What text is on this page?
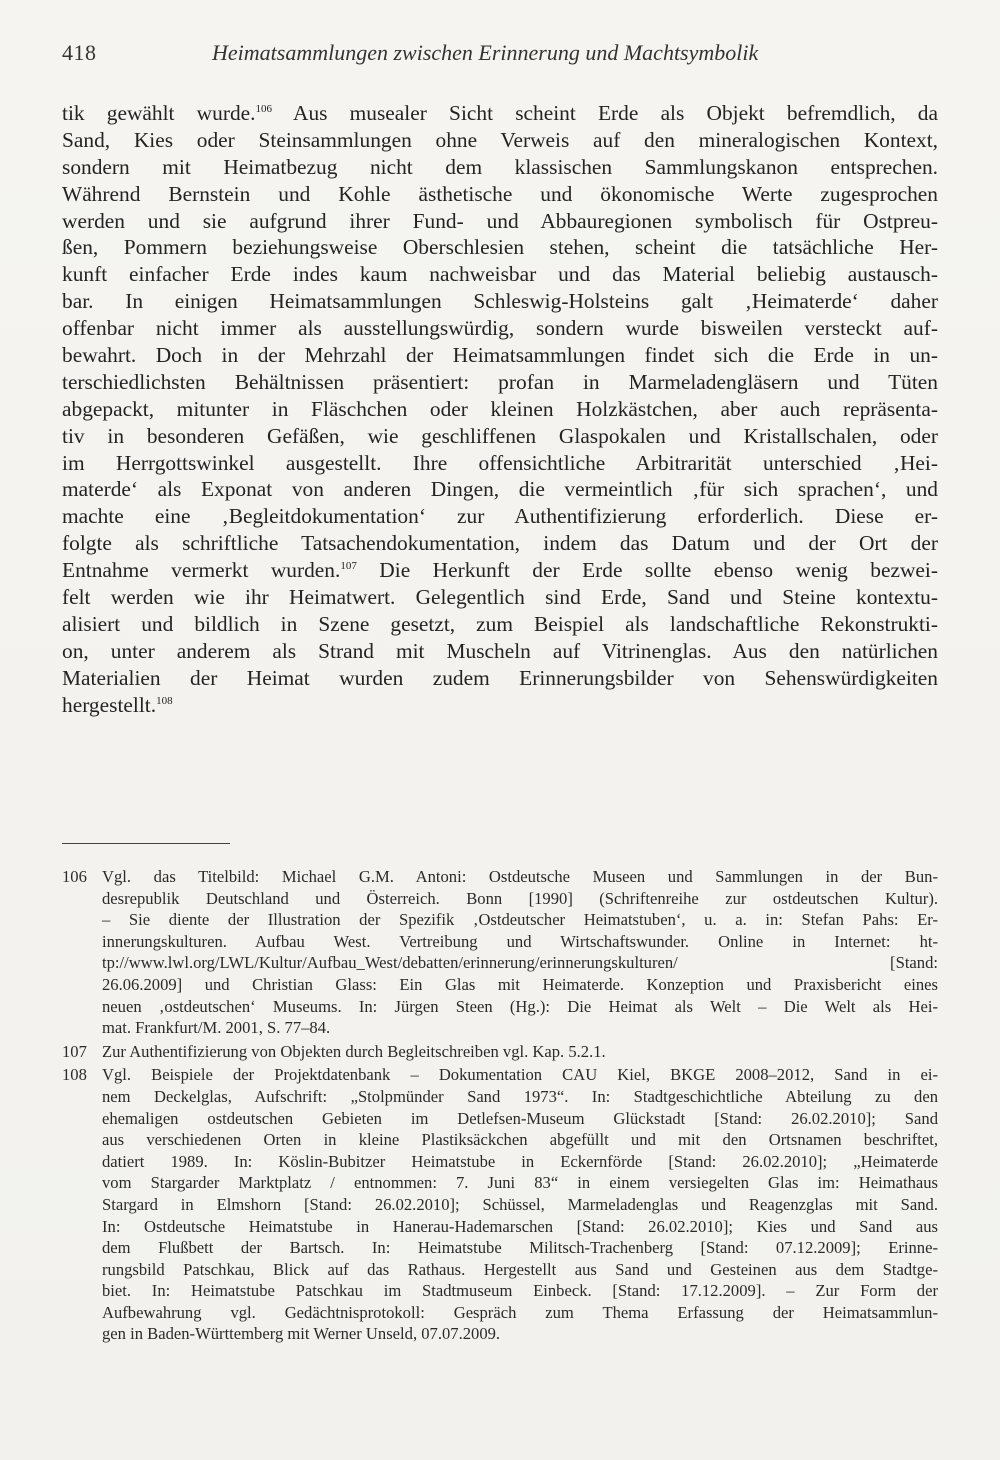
418	Heimatsammlungen zwischen Erinnerung und Machtsymbolik
tik gewählt wurde.$^{106}$ Aus musealer Sicht scheint Erde als Objekt befremdlich, da
Sand, Kies oder Steinsammlungen ohne Verweis auf den mineralogischen Kontext,
sondern mit Heimatbezug nicht dem klassischen Sammlungskanon entsprechen.
Während Bernstein und Kohle ästhetische und ökonomische Werte zugesprochen
werden und sie aufgrund ihrer Fund- und Abbauregionen symbolisch für Ostpreu-
ßen, Pommern beziehungsweise Oberschlesien stehen, scheint die tatsächliche Her-
kunft einfacher Erde indes kaum nachweisbar und das Material beliebig austausch-
bar. In einigen Heimatsammlungen Schleswig-Holsteins galt ‚Heimaterde‘ daher
offenbar nicht immer als ausstellungswürdig, sondern wurde bisweilen versteckt auf-
bewahrt. Doch in der Mehrzahl der Heimatsammlungen findet sich die Erde in un-
terschiedlichsten Behältnissen präsentiert: profan in Marmeladengläsern und Tüten
abgepackt, mitunter in Fläschchen oder kleinen Holzkästchen, aber auch repräsenta-
tiv in besonderen Gefäßen, wie geschliffenen Glaspokalen und Kristallschalen, oder
im Herrgottswinkel ausgestellt. Ihre offensichtliche Arbitrarität unterschied ‚Hei-
materde‘ als Exponat von anderen Dingen, die vermeintlich ‚für sich sprachen‘, und
machte eine ‚Begleitdokumentation‘ zur Authentifizierung erforderlich. Diese er-
folgte als schriftliche Tatsachendokumentation, indem das Datum und der Ort der
Entnahme vermerkt wurden.$^{107}$ Die Herkunft der Erde sollte ebenso wenig bezwei-
felt werden wie ihr Heimatwert. Gelegentlich sind Erde, Sand und Steine kontextu-
alisiert und bildlich in Szene gesetzt, zum Beispiel als landschaftliche Rekonstrukti-
on, unter anderem als Strand mit Muscheln auf Vitrinenglas. Aus den natürlichen
Materialien der Heimat wurden zudem Erinnerungsbilder von Sehenswürdigkeiten
hergestellt.$^{108}$
106 Vgl. das Titelbild: Michael G.M. Antoni: Ostdeutsche Museen und Sammlungen in der Bun-
desrepublik Deutschland und Österreich. Bonn [1990] (Schriftenreihe zur ostdeutschen Kultur).
– Sie diente der Illustration der Spezifik ‚Ostdeutscher Heimatstuben‘, u. a. in: Stefan Pahs: Er-
innerungskulturen. Aufbau West. Vertreibung und Wirtschaftswunder. Online in Internet: ht-
tp://www.lwl.org/LWL/Kultur/Aufbau_West/debatten/erinnerung/erinnerungskulturen/ [Stand:
26.06.2009] und Christian Glass: Ein Glas mit Heimaterde. Konzeption und Praxisbericht eines
neuen ‚ostdeutschen‘ Museums. In: Jürgen Steen (Hg.): Die Heimat als Welt – Die Welt als Hei-
mat. Frankfurt/M. 2001, S. 77–84.
107 Zur Authentifizierung von Objekten durch Begleitschreiben vgl. Kap. 5.2.1.
108 Vgl. Beispiele der Projektdatenbank – Dokumentation CAU Kiel, BKGE 2008–2012, Sand in ei-
nem Deckelglas, Aufschrift: „Stolpmünder Sand 1973“. In: Stadtgeschichtliche Abteilung zu den
ehemaligen ostdeutschen Gebieten im Detlefsen-Museum Glückstadt [Stand: 26.02.2010]; Sand
aus verschiedenen Orten in kleine Plastiksäckchen abgefüllt und mit den Ortsnamen beschriftet,
datiert 1989. In: Köslin-Bubitzer Heimatstube in Eckernförde [Stand: 26.02.2010]; „Heimaterde
vom Stargarder Marktplatz / entnommen: 7. Juni 83“ in einem versiegelten Glas im: Heimathaus
Stargard in Elmshorn [Stand: 26.02.2010]; Schüssel, Marmeladenglas und Reagenzglas mit Sand.
In: Ostdeutsche Heimatstube in Hanerau-Hademarschen [Stand: 26.02.2010]; Kies und Sand aus
dem Flußbett der Bartsch. In: Heimatstube Militsch-Trachenberg [Stand: 07.12.2009]; Erinne-
rungsbild Patschkau, Blick auf das Rathaus. Hergestellt aus Sand und Gesteinen aus dem Stadtge-
biet. In: Heimatstube Patschkau im Stadtmuseum Einbeck. [Stand: 17.12.2009]. – Zur Form der
Aufbewahrung vgl. Gedächtnisprotokoll: Gespräch zum Thema Erfassung der Heimatsammlun-
gen in Baden-Württemberg mit Werner Unseld, 07.07.2009.
